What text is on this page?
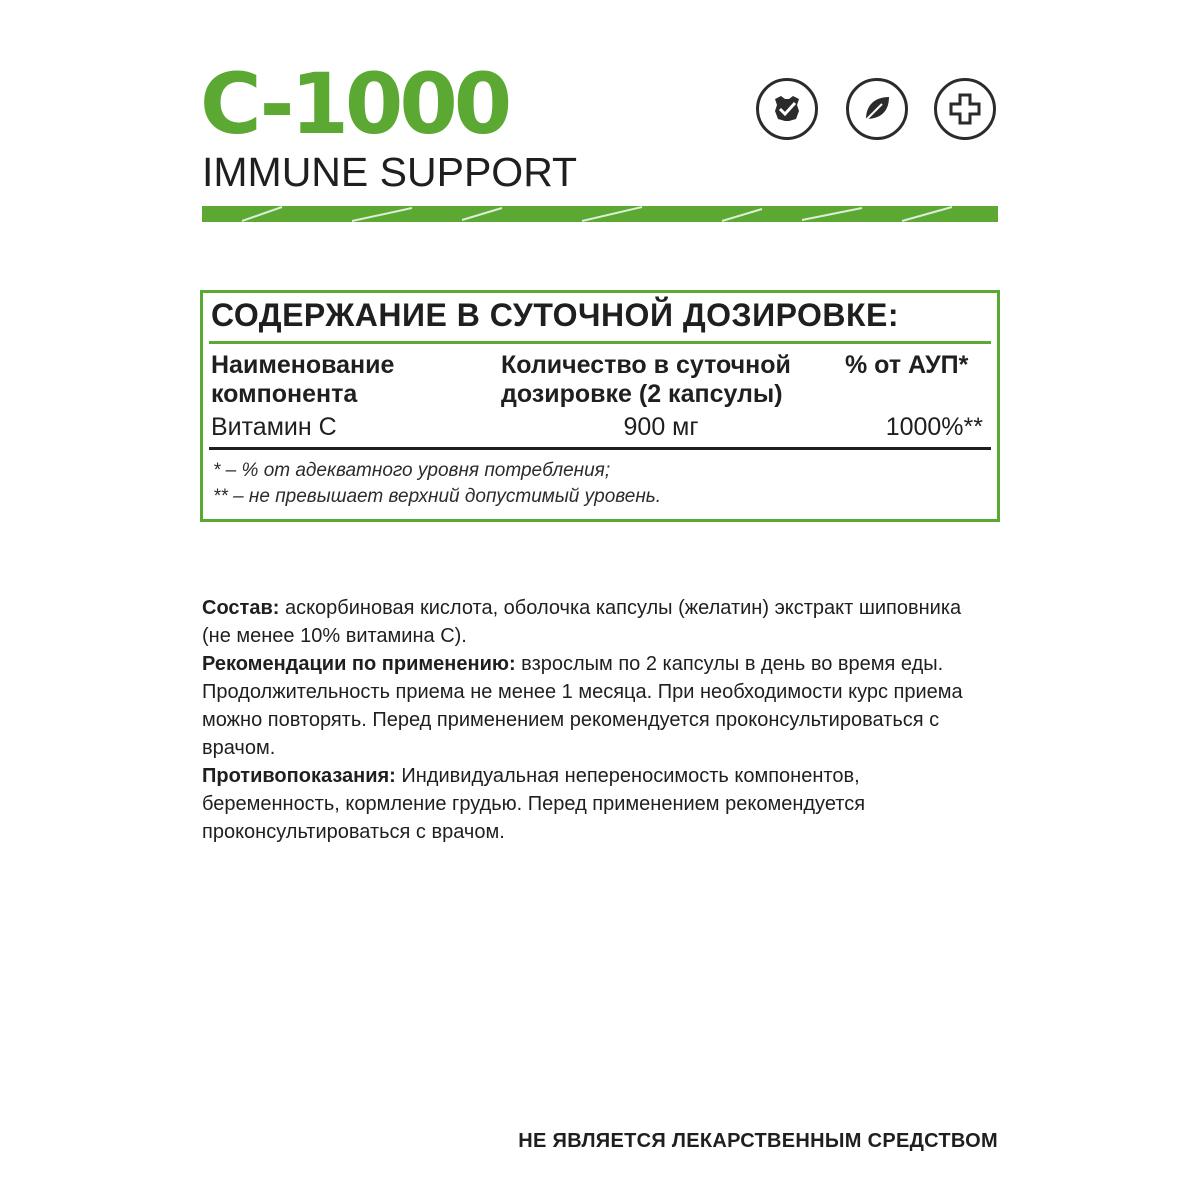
C-1000
IMMUNE SUPPORT
СОДЕРЖАНИЕ В СУТОЧНОЙ ДОЗИРОВКЕ:
Наименование компонента
Количество в суточной дозировке (2 капсулы)
% от АУП*
Витамин С	900 мг	1000%**
* – % от адекватного уровня потребления;
** – не превышает верхний допустимый уровень.

Состав: аскорбиновая кислота, оболочка капсулы (желатин) экстракт шиповника (не менее 10% витамина С).

Рекомендации по применению: взрослым по 2 капсулы в день во время еды. Продолжительность приема не менее 1 месяца. При необходимости курс приема можно повторять. Перед применением рекомендуется проконсультироваться с врачом.

Противопоказания: Индивидуальная непереносимость компонентов, беременность, кормление грудью. Перед применением рекомендуется проконсультироваться с врачом.

НЕ ЯВЛЯЕТСЯ ЛЕКАРСТВЕННЫМ СРЕДСТВОМ
